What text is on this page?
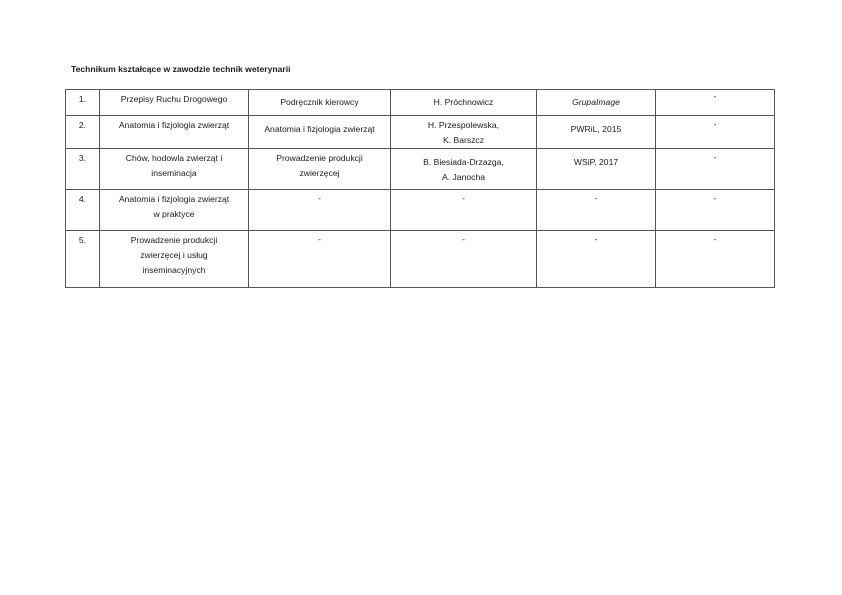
Technikum kształcące w zawodzie technik weterynarii
1.	Przepisy Ruchu Drogowego	Podręcznik kierowcy	H. Próchnowicz	GrupaImage	-

2.	Anatomia i fizjologia zwierząt	Anatomia i fizjologia zwierząt	H. Przespolewska,
K. Barszcz	PWRiL, 2015	-

3.	Chów, hodowla zwierząt i
inseminacja	Prowadzenie produkcji
zwierzęcej	B. Biesiada-Drzazga,
A. Janocha	WSiP, 2017	-

4.	Anatomia i fizjologia zwierząt
w praktyce	-	-	-	-

5.	Prowadzenie produkcji
zwierzęcej i usług
inseminacyjnych	-	-	-	-
